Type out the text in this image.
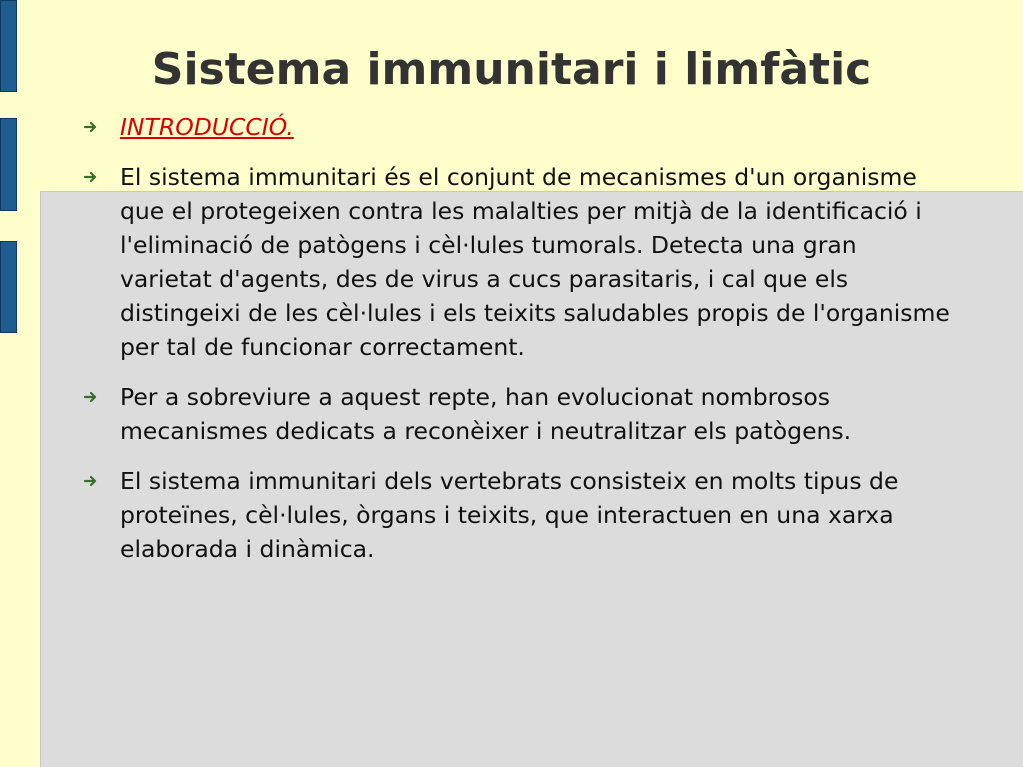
Sistema immunitari i limfàtic
INTRODUCCIÓ.
El sistema immunitari és el conjunt de mecanismes d'un organisme que el protegeixen contra les malalties per mitjà de la identificació i l'eliminació de patògens i cèl·lules tumorals. Detecta una gran varietat d'agents, des de virus a cucs parasitaris, i cal que els distingeixi de les cèl·lules i els teixits saludables propis de l'organisme per tal de funcionar correctament.
Per a sobreviure a aquest repte, han evolucionat nombrosos mecanismes dedicats a reconèixer i neutralitzar els patògens.
El sistema immunitari dels vertebrats consisteix en molts tipus de proteïnes, cèl·lules, òrgans i teixits, que interactuen en una xarxa elaborada i dinàmica.
